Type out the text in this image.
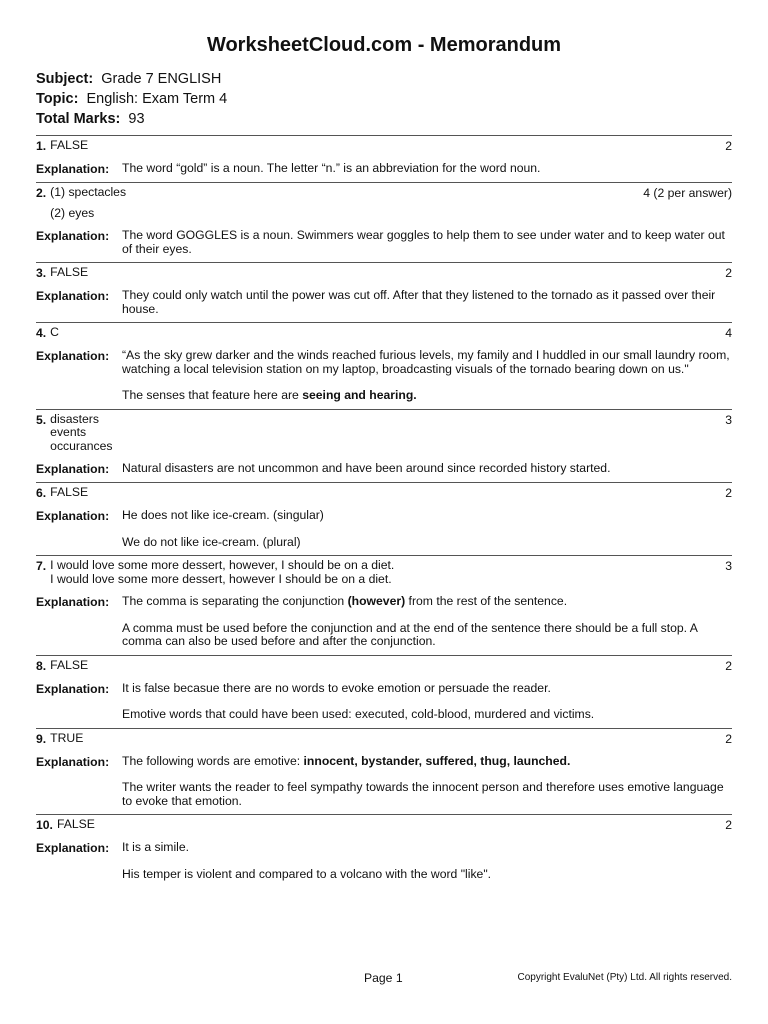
WorksheetCloud.com - Memorandum
Subject: Grade 7 ENGLISH
Topic: English: Exam Term 4
Total Marks: 93
1. FALSE	2
Explanation:	The word “gold” is a noun. The letter “n.” is an abbreviation for the word noun.

2. (1) spectacles
(2) eyes
4 (2 per answer)
Explanation:	The word GOGGLES is a noun. Swimmers wear goggles to help them to see under water and to keep water out of their eyes.

3. FALSE	2
Explanation:	They could only watch until the power was cut off. After that they listened to the tornado as it passed over their house.

4. C	4
Explanation:	“As the sky grew darker and the winds reached furious levels, my family and I huddled in our small laundry room, watching a local television station on my laptop, broadcasting visuals of the tornado bearing down on us."

The senses that feature here are seeing and hearing.

5. disasters
events
occurances
3
Explanation:	Natural disasters are not uncommon and have been around since recorded history started.

6. FALSE	2
Explanation:	He does not like ice-cream. (singular)

We do not like ice-cream. (plural)

7. I would love some more dessert, however, I should be on a diet.
I would love some more dessert, however I should be on a diet.
3
Explanation:	The comma is separating the conjunction (however) from the rest of the sentence.

A comma must be used before the conjunction and at the end of the sentence there should be a full stop. A comma can also be used before and after the conjunction.

8. FALSE	2
Explanation:	It is false becasue there are no words to evoke emotion or persuade the reader.

Emotive words that could have been used: executed, cold-blood, murdered and victims.

9. TRUE	2
Explanation:	The following words are emotive: innocent, bystander, suffered, thug, launched.

The writer wants the reader to feel sympathy towards the innocent person and therefore uses emotive language to evoke that emotion.

10. FALSE	2
Explanation:	It is a simile.

His temper is violent and compared to a volcano with the word "like".

Page 1	Copyright EvaluNet (Pty) Ltd. All rights reserved.
